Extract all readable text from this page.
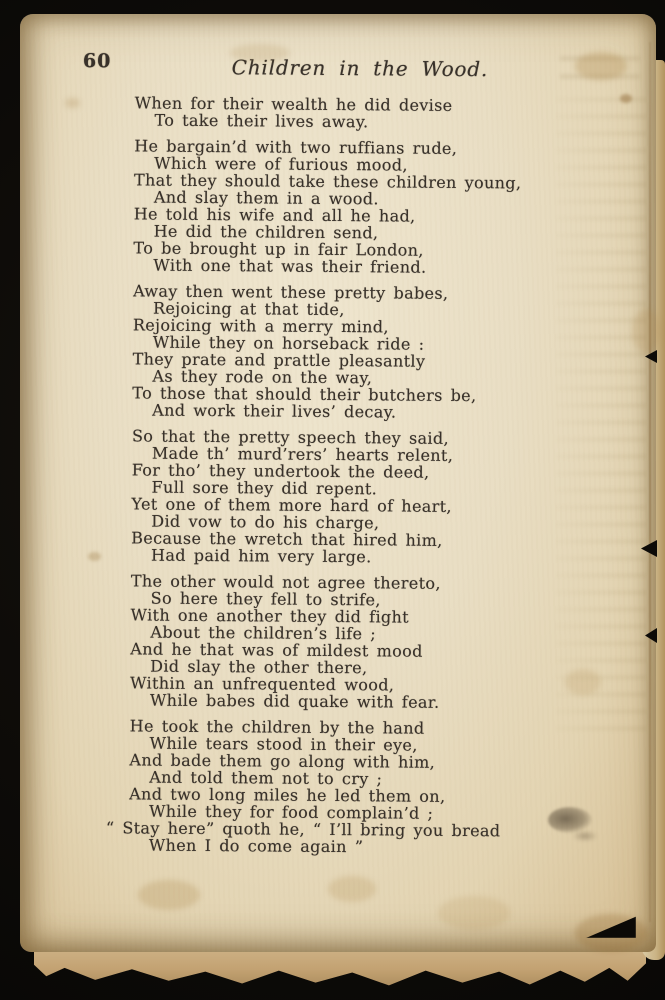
60	Children in the Wood.

When for their wealth he did devise

To take their lives away.

He bargain’d with two ruffians rude,

Which were of furious mood,

That they should take these children young,

And slay them in a wood.

He told his wife and all he had,

He did the children send,

To be brought up in fair London,

With one that was their friend.

Away then went these pretty babes,

Rejoicing at that tide,

Rejoicing with a merry mind,

While they on horseback ride :

They prate and prattle pleasantly

As they rode on the way,

To those that should their butchers be,

And work their lives’ decay.

So that the pretty speech they said,

Made th’ murd’rers’ hearts relent,

For tho’ they undertook the deed,

Full sore they did repent.

Yet one of them more hard of heart,

Did vow to do his charge,

Because the wretch that hired him,

Had paid him very large.

The other would not agree thereto,

So here they fell to strife,

With one another they did fight

About the children’s life ;

And he that was of mildest mood

Did slay the other there,

Within an unfrequented wood,

While babes did quake with fear.

He took the children by the hand

While tears stood in their eye,

And bade them go along with him,

And told them not to cry ;

And two long miles he led them on,

While they for food complain’d ;

“ Stay here” quoth he, “ I’ll bring you bread

When I do come again ”
